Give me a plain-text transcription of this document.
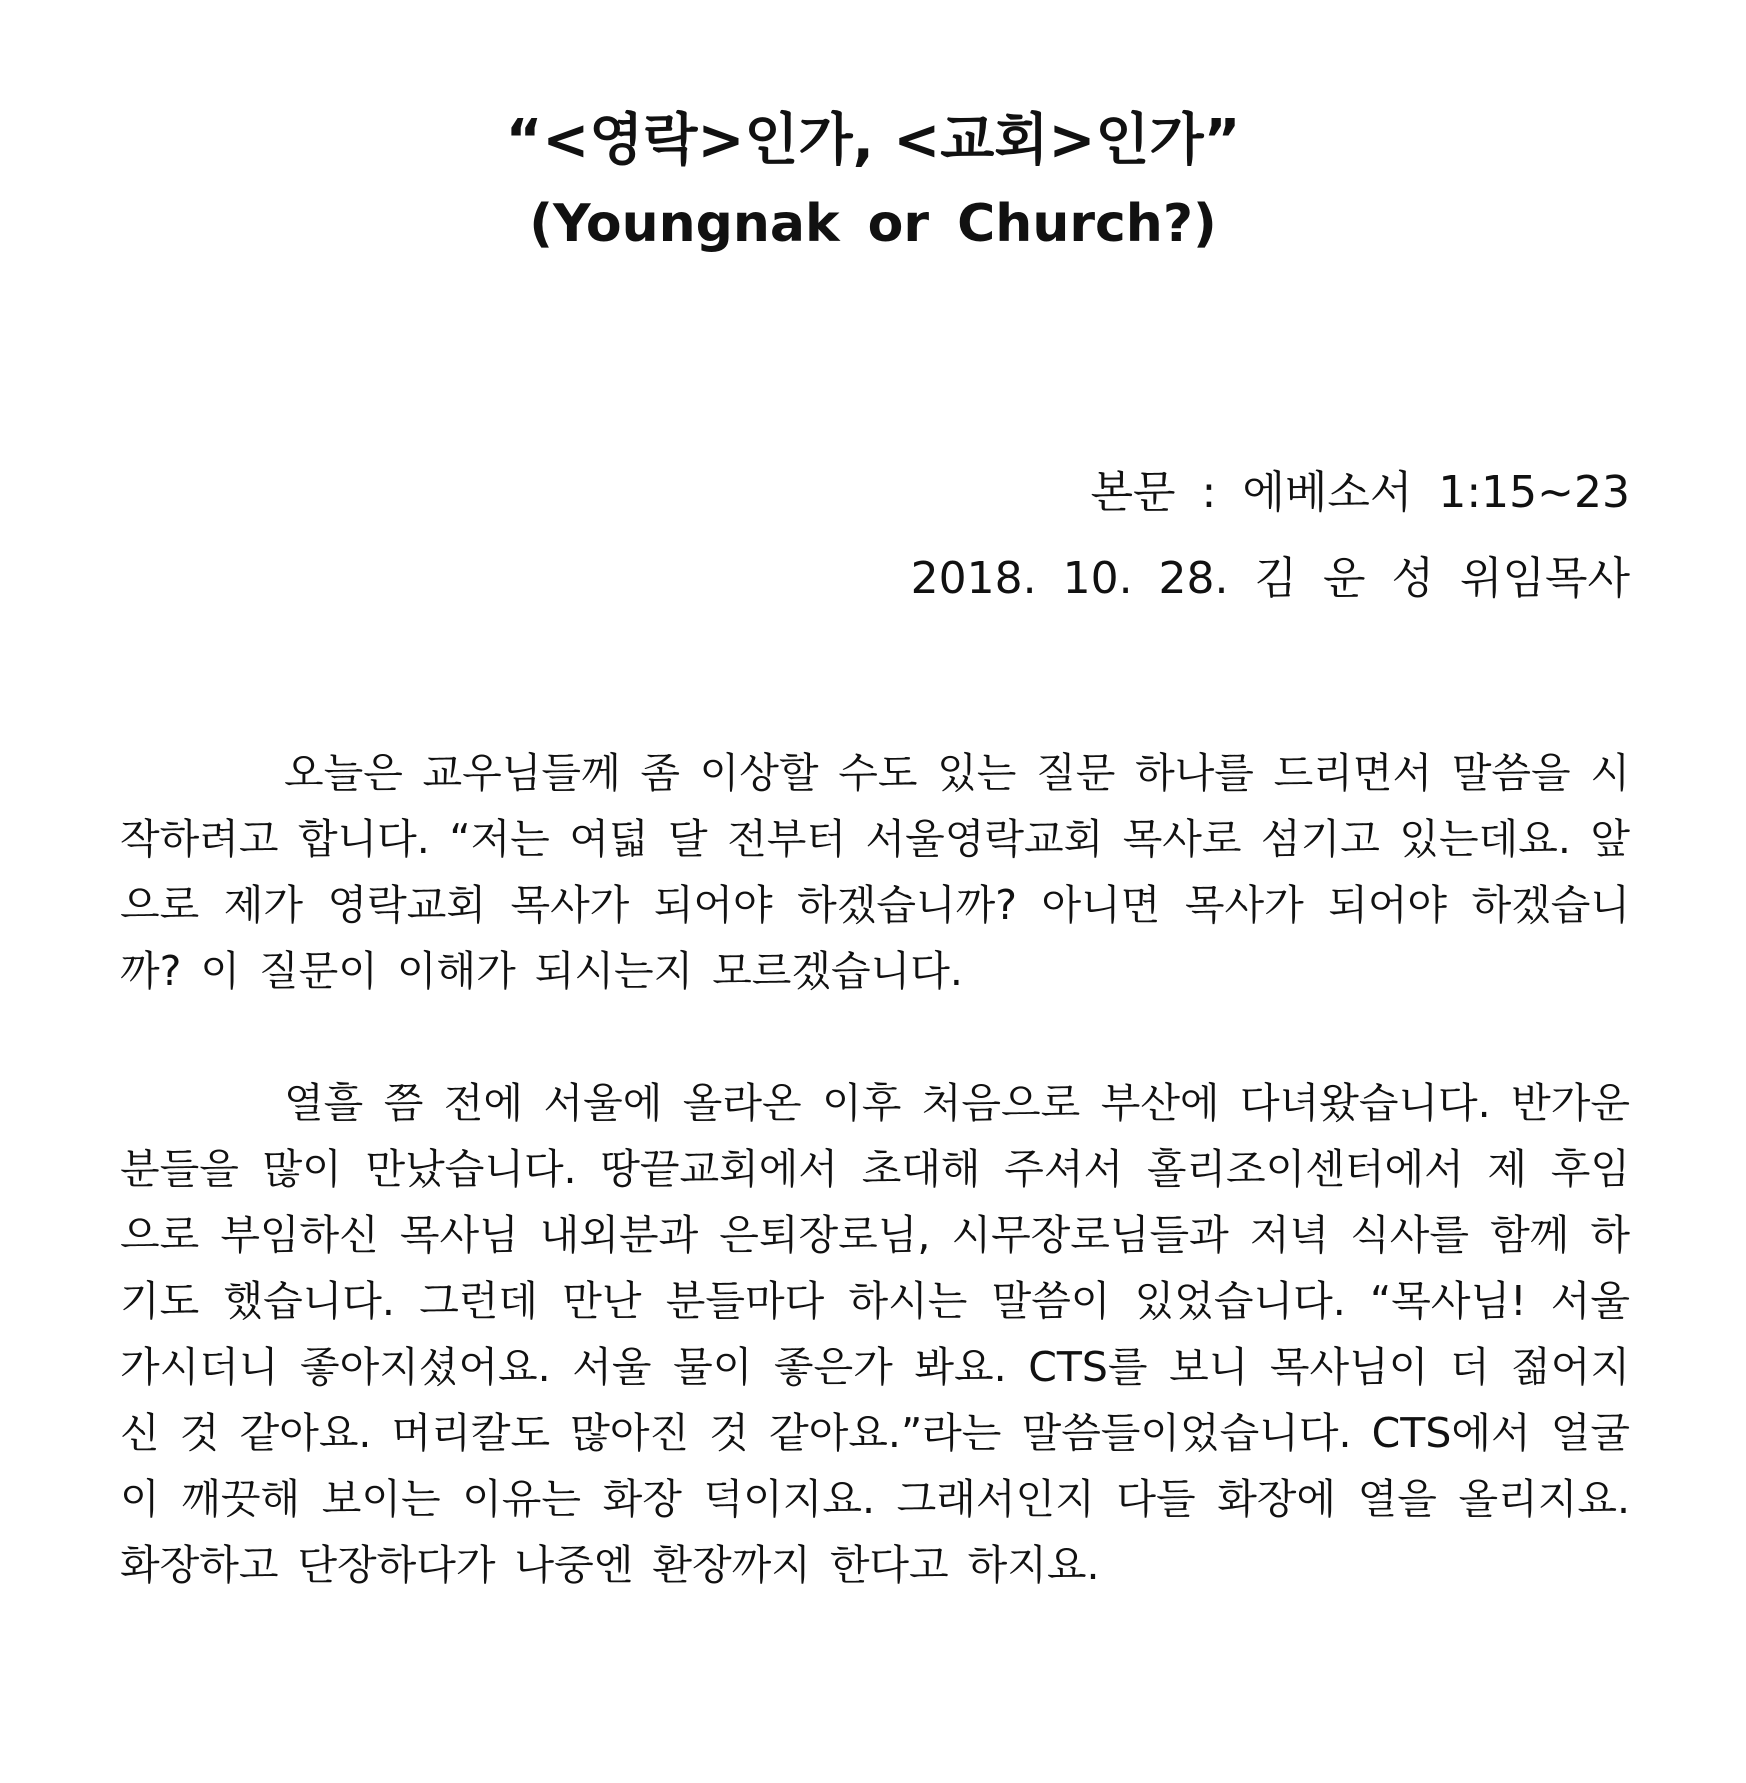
“<영락>인가, <교회>인가”
(Youngnak or Church?)
본문 : 에베소서 1:15~23
2018. 10. 28. 김 운 성 위임목사

오늘은 교우님들께 좀 이상할 수도 있는 질문 하나를 드리면서 말씀을 시작하려고 합니다. “저는 여덟 달 전부터 서울영락교회 목사로 섬기고 있는데요. 앞으로 제가 영락교회 목사가 되어야 하겠습니까? 아니면 목사가 되어야 하겠습니까? 이 질문이 이해가 되시는지 모르겠습니다.

열흘 쯤 전에 서울에 올라온 이후 처음으로 부산에 다녀왔습니다. 반가운 분들을 많이 만났습니다. 땅끝교회에서 초대해 주셔서 홀리조이센터에서 제 후임으로 부임하신 목사님 내외분과 은퇴장로님, 시무장로님들과 저녁 식사를 함께 하기도 했습니다. 그런데 만난 분들마다 하시는 말씀이 있었습니다. “목사님! 서울 가시더니 좋아지셨어요. 서울 물이 좋은가 봐요. CTS를 보니 목사님이 더 젊어지신 것 같아요. 머리칼도 많아진 것 같아요.”라는 말씀들이었습니다. CTS에서 얼굴이 깨끗해 보이는 이유는 화장 덕이지요. 그래서인지 다들 화장에 열을 올리지요. 화장하고 단장하다가 나중엔 환장까지 한다고 하지요.
